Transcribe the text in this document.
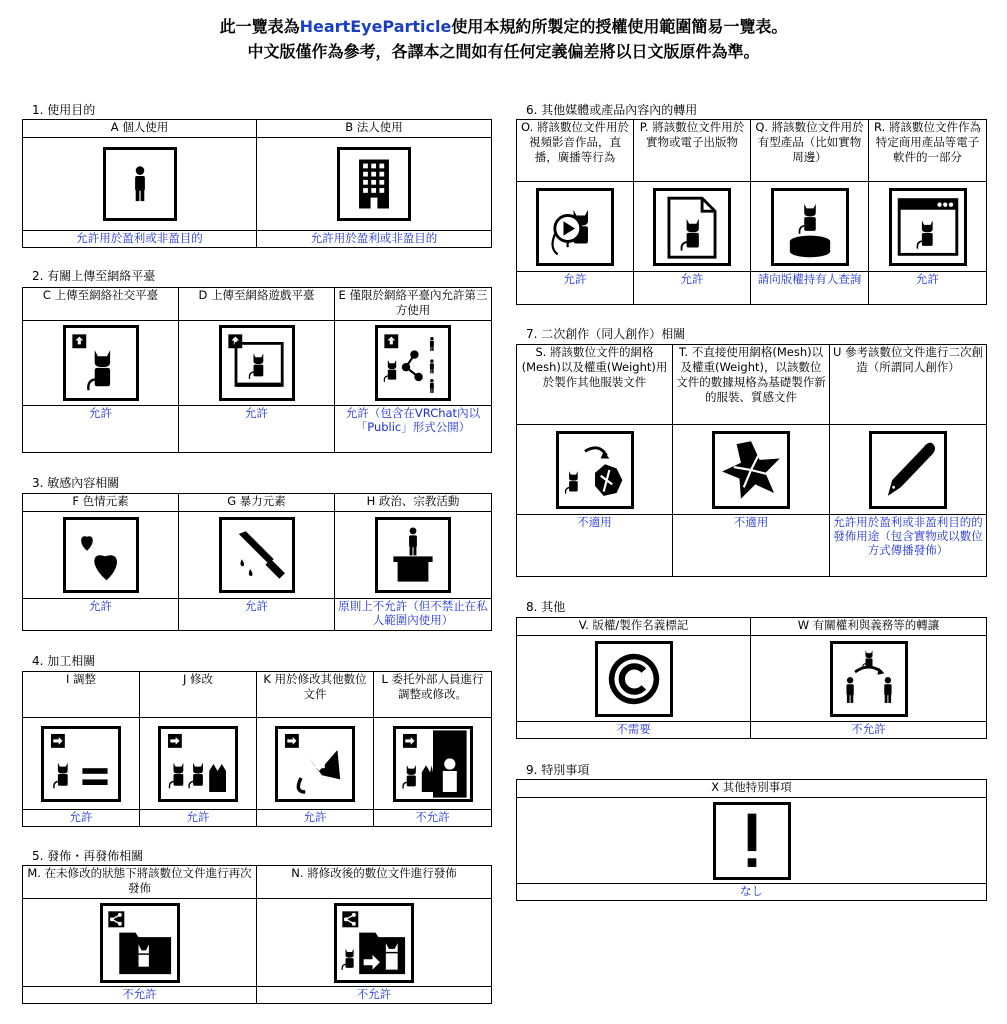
此一覽表為HeartEyeParticle使用本規約所製定的授權使用範圍簡易一覽表。
中文版僅作為參考，各譯本之間如有任何定義偏差將以日文版原件為準。
1. 使用目的
A 個人使用	B 法人使用

允許用於盈利或非盈目的	允許用於盈利或非盈目的
2. 有關上傳至網絡平臺
C 上傳至網絡社交平臺	D 上傳至網絡遊戲平臺	E 僅限於網絡平臺內允許第三方使用

允許	允許	允許（包含在VRChat內以「Public」形式公開）
3. 敏感內容相關
F 色情元素	G 暴力元素	H 政治、宗教活動

允許	允許	原則上不允許（但不禁止在私人範圍內使用）
4. 加工相關
I 調整	J 修改	K 用於修改其他數位文件	L 委托外部人員進行調整或修改。

允許	允許	允許	不允許
5. 發佈・再發佈相關
M. 在未修改的狀態下將該數位文件進行再次發佈	N. 將修改後的數位文件進行發佈

不允許	不允許
6. 其他媒體或產品內容內的轉用
O. 將該數位文件用於視頻影音作品，直播，廣播等行為	P. 將該數位文件用於實物或電子出版物	Q. 將該數位文件用於有型產品（比如實物周邊）	R. 將該數位文件作為特定商用產品等電子軟件的一部分

允許	允許	請向版權持有人查詢	允許
7. 二次創作（同人創作）相關
S. 將該數位文件的網格(Mesh)以及權重(Weight)用於製作其他服裝文件	T. 不直接使用網格(Mesh)以及權重(Weight)，以該數位文件的數據規格為基礎製作新的服裝、質感文件	U 參考該數位文件進行二次創造（所謂同人創作）

不適用	不適用	允許用於盈利或非盈利目的的發佈用途（包含實物或以數位方式傳播發佈）
8. 其他
V. 版權/製作名義標記	W 有關權利與義務等的轉讓

不需要	不允許
9. 特別事項
X 其他特別事項

なし
